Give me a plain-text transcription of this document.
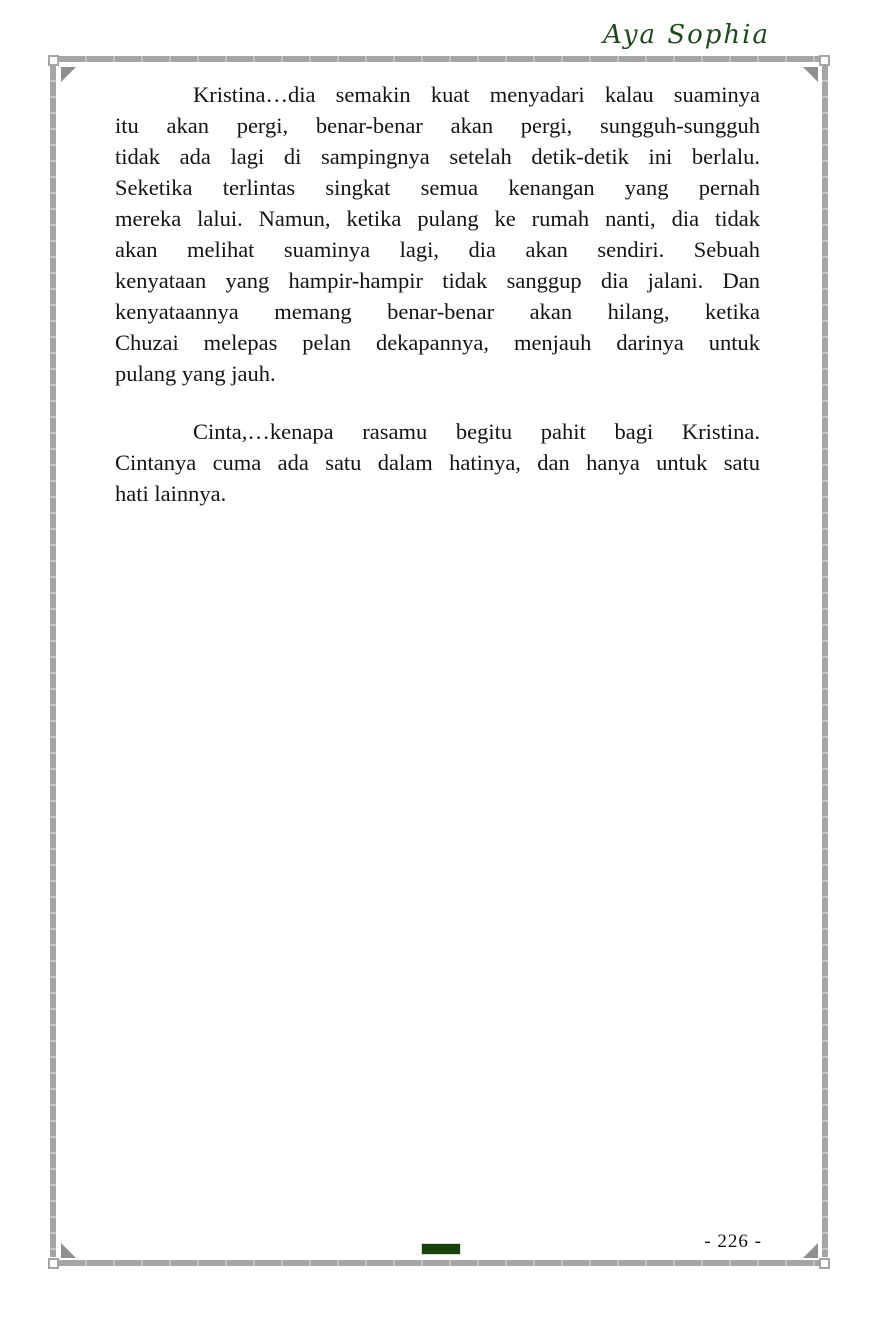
Aya Sophia
Kristina…dia semakin kuat menyadari kalau suaminya
itu akan pergi, benar-benar akan pergi, sungguh-sungguh
tidak ada lagi di sampingnya setelah detik-detik ini berlalu.
Seketika terlintas singkat semua kenangan yang pernah
mereka lalui. Namun, ketika pulang ke rumah nanti, dia tidak
akan melihat suaminya lagi, dia akan sendiri. Sebuah
kenyataan yang hampir-hampir tidak sanggup dia jalani. Dan
kenyataannya memang benar-benar akan hilang, ketika
Chuzai melepas pelan dekapannya, menjauh darinya untuk
pulang yang jauh.
Cinta,…kenapa rasamu begitu pahit bagi Kristina.
Cintanya cuma ada satu dalam hatinya, dan hanya untuk satu
hati lainnya.
- 226 -
